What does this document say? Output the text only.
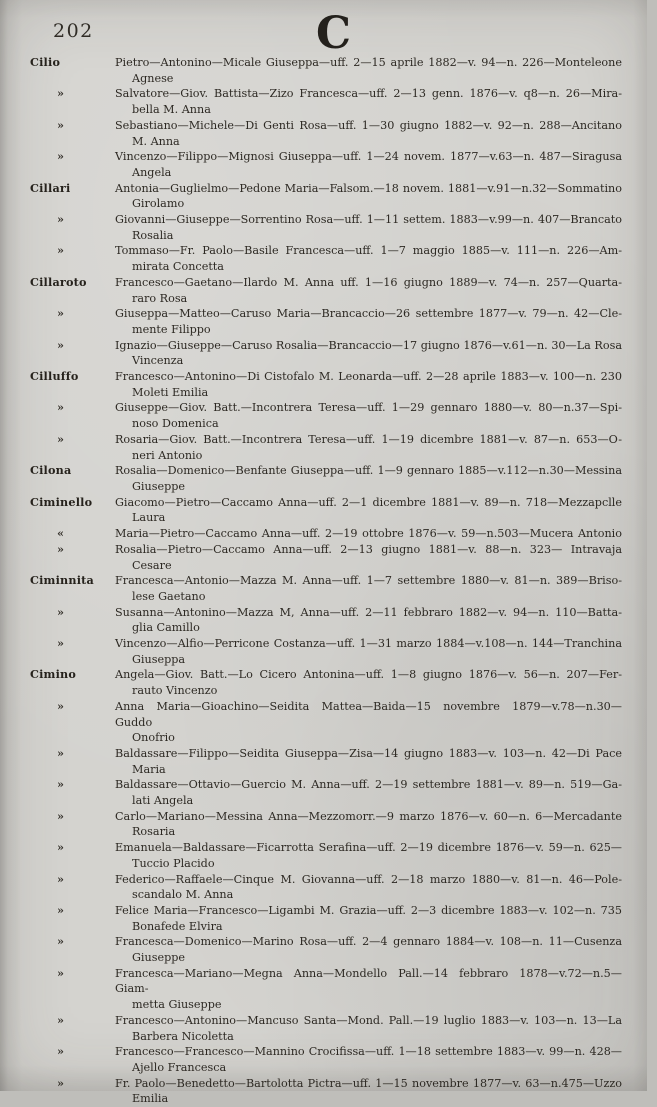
202	C
Cilio	Pietro—Antonino—Micale Giuseppa—uff. 2—15 aprile 1882—v. 94—n. 226—Monteleone
Agnese
»	Salvatore—Giov. Battista—Zizo Francesca—uff. 2—13 genn. 1876—v. q8—n. 26—Mira-
bella M. Anna
»	Sebastiano—Michele—Di Genti Rosa—uff. 1—30 giugno 1882—v. 92—n. 288—Ancitano
M. Anna
»	Vincenzo—Filippo—Mignosi Giuseppa—uff. 1—24 novem. 1877—v.63—n. 487—Siragusa
Angela
Cillari	Antonia—Guglielmo—Pedone Maria—Falsom.—18 novem. 1881—v.91—n.32—Sommatino
Girolamo
»	Giovanni—Giuseppe—Sorrentino Rosa—uff. 1—11 settem. 1883—v.99—n. 407—Brancato
Rosalia
»	Tommaso—Fr. Paolo—Basile Francesca—uff. 1—7 maggio 1885—v. 111—n. 226—Am-
mirata Concetta
Cillaroto	Francesco—Gaetano—Ilardo M. Anna uff. 1—16 giugno 1889—v. 74—n. 257—Quarta-
raro Rosa
»	Giuseppa—Matteo—Caruso Maria—Brancaccio—26 settembre 1877—v. 79—n. 42—Cle-
mente Filippo
»	Ignazio—Giuseppe—Caruso Rosalia—Brancaccio—17 giugno 1876—v.61—n. 30—La Rosa
Vincenza
Cilluffo	Francesco—Antonino—Di Cistofalo M. Leonarda—uff. 2—28 aprile 1883—v. 100—n. 230
Moleti Emilia
»	Giuseppe—Giov. Batt.—Incontrera Teresa—uff. 1—29 gennaro 1880—v. 80—n.37—Spi-
noso Domenica
»	Rosaria—Giov. Batt.—Incontrera Teresa—uff. 1—19 dicembre 1881—v. 87—n. 653—O-
neri Antonio
Cilona	Rosalia—Domenico—Benfante Giuseppa—uff. 1—9 gennaro 1885—v.112—n.30—Messina
Giuseppe
Ciminello	Giacomo—Pietro—Caccamo Anna—uff. 2—1 dicembre 1881—v. 89—n. 718—Mezzapclle
Laura
«	Maria—Pietro—Caccamo Anna—uff. 2—19 ottobre 1876—v. 59—n.503—Mucera Antonio
»	Rosalia—Pietro—Caccamo Anna—uff. 2—13 giugno 1881—v. 88—n. 323— Intravaja
Cesare
Ciminnita	Francesca—Antonio—Mazza M. Anna—uff. 1—7 settembre 1880—v. 81—n. 389—Briso-
lese Gaetano
»	Susanna—Antonino—Mazza M, Anna—uff. 2—11 febbraro 1882—v. 94—n. 110—Batta-
glia Camillo
»	Vincenzo—Alfio—Perricone Costanza—uff. 1—31 marzo 1884—v.108—n. 144—Tranchina
Giuseppa
Cimino	Angela—Giov. Batt.—Lo Cicero Antonina—uff. 1—8 giugno 1876—v. 56—n. 207—Fer-
rauto Vincenzo
»	Anna Maria—Gioachino—Seidita Mattea—Baida—15 novembre 1879—v.78—n.30—Guddo
Onofrio
»	Baldassare—Filippo—Seidita Giuseppa—Zisa—14 giugno 1883—v. 103—n. 42—Di Pace
Maria
»	Baldassare—Ottavio—Guercio M. Anna—uff. 2—19 settembre 1881—v. 89—n. 519—Ga-
lati Angela
»	Carlo—Mariano—Messina Anna—Mezzomorr.—9 marzo 1876—v. 60—n. 6—Mercadante
Rosaria
»	Emanuela—Baldassare—Ficarrotta Serafina—uff. 2—19 dicembre 1876—v. 59—n. 625—
Tuccio Placido
»	Federico—Raffaele—Cinque M. Giovanna—uff. 2—18 marzo 1880—v. 81—n. 46—Pole-
scandalo M. Anna
»	Felice Maria—Francesco—Ligambi M. Grazia—uff. 2—3 dicembre 1883—v. 102—n. 735
Bonafede Elvira
»	Francesca—Domenico—Marino Rosa—uff. 2—4 gennaro 1884—v. 108—n. 11—Cusenza
Giuseppe
»	Francesca—Mariano—Megna Anna—Mondello Pall.—14 febbraro 1878—v.72—n.5—Giam-
metta Giuseppe
»	Francesco—Antonino—Mancuso Santa—Mond. Pall.—19 luglio 1883—v. 103—n. 13—La
Barbera Nicoletta
»	Francesco—Francesco—Mannino Crocifissa—uff. 1—18 settembre 1883—v. 99—n. 428—
Ajello Francesca
»	Fr. Paolo—Benedetto—Bartolotta Pictra—uff. 1—15 novembre 1877—v. 63—n.475—Uzzo
Emilia
